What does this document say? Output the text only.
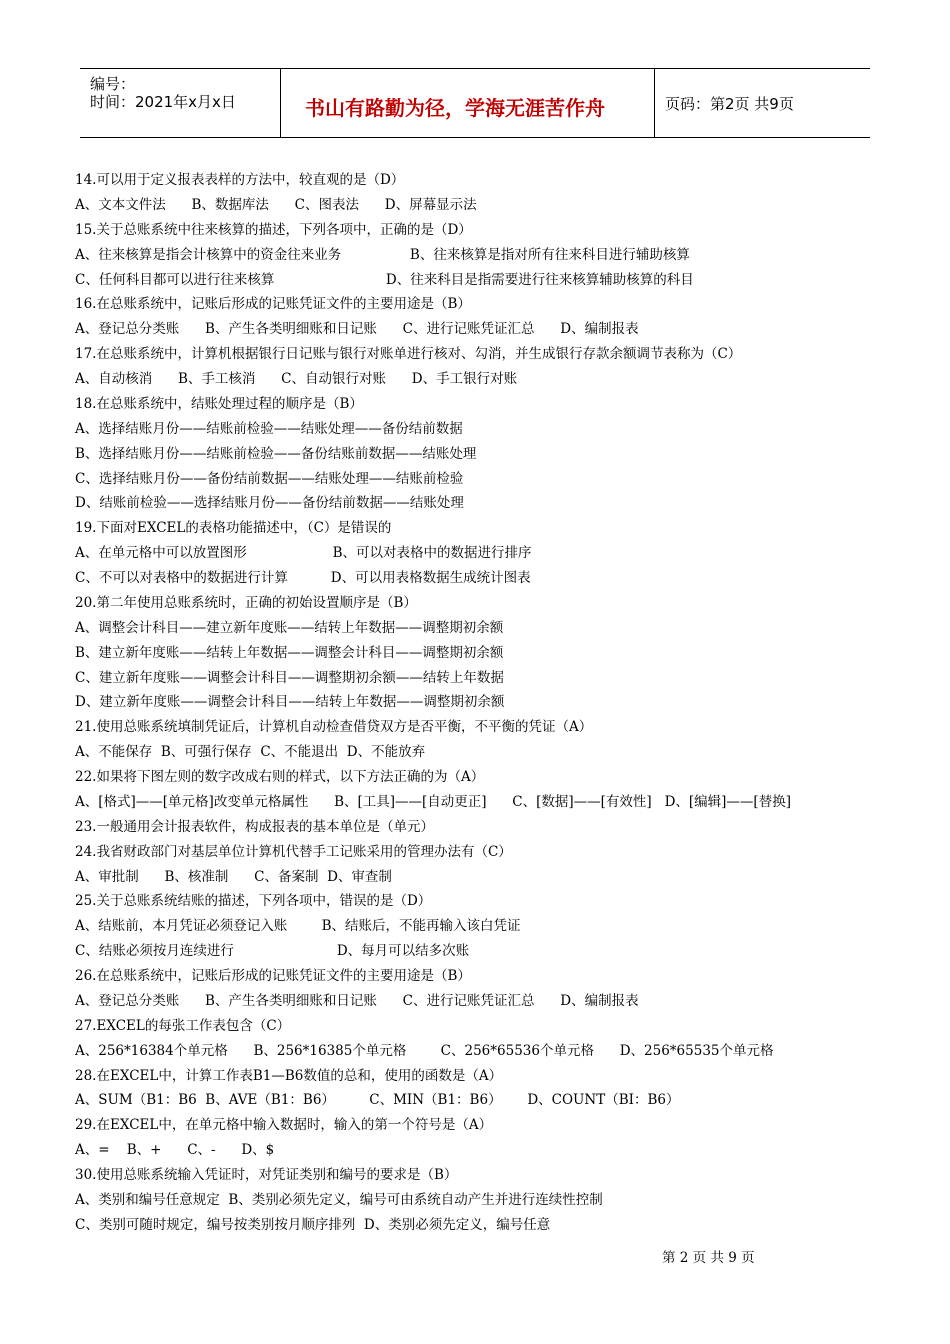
编号：
时间：2021年x月x日	书山有路勤为径，学海无涯苦作舟	页码：第2页 共9页
14.可以用于定义报表表样的方法中，较直观的是（D）
A、文本文件法      B、数据库法      C、图表法      D、屏幕显示法
15.关于总账系统中往来核算的描述，下列各项中，正确的是（D）
A、往来核算是指会计核算中的资金往来业务                B、往来核算是指对所有往来科目进行辅助核算
C、任何科目都可以进行往来核算                          D、往来科目是指需要进行往来核算辅助核算的科目
16.在总账系统中，记账后形成的记账凭证文件的主要用途是（B）
A、登记总分类账      B、产生各类明细账和日记账      C、进行记账凭证汇总      D、编制报表
17.在总账系统中，计算机根据银行日记账与银行对账单进行核对、勾消，并生成银行存款余额调节表称为（C）
A、自动核消      B、手工核消      C、自动银行对账      D、手工银行对账
18.在总账系统中，结账处理过程的顺序是（B）
A、选择结账月份——结账前检验——结账处理——备份结前数据
B、选择结账月份——结账前检验——备份结账前数据——结账处理
C、选择结账月份——备份结前数据——结账处理——结账前检验
D、结账前检验——选择结账月份——备份结前数据——结账处理
19.下面对EXCEL的表格功能描述中，（C）是错误的
A、在单元格中可以放置图形                    B、可以对表格中的数据进行排序
C、不可以对表格中的数据进行计算          D、可以用表格数据生成统计图表
20.第二年使用总账系统时，正确的初始设置顺序是（B）
A、调整会计科目——建立新年度账——结转上年数据——调整期初余额
B、建立新年度账——结转上年数据——调整会计科目——调整期初余额
C、建立新年度账——调整会计科目——调整期初余额——结转上年数据
D、建立新年度账——调整会计科目——结转上年数据——调整期初余额
21.使用总账系统填制凭证后，计算机自动检查借贷双方是否平衡，不平衡的凭证（A）
A、不能保存  B、可强行保存  C、不能退出  D、不能放弃
22.如果将下图左则的数字改成右则的样式，以下方法正确的为（A）
A、[格式]——[单元格]改变单元格属性      B、[工具]——[自动更正]      C、[数据]——[有效性]   D、[编辑]——[替换]
23.一般通用会计报表软件，构成报表的基本单位是（单元）
24.我省财政部门对基层单位计算机代替手工记账采用的管理办法有（C）
A、审批制      B、核准制      C、备案制  D、审查制
25.关于总账系统结账的描述，下列各项中，错误的是（D）
A、结账前，本月凭证必须登记入账        B、结账后，不能再输入该白凭证
C、结账必须按月连续进行                        D、每月可以结多次账
26.在总账系统中，记账后形成的记账凭证文件的主要用途是（B）
A、登记总分类账      B、产生各类明细账和日记账      C、进行记账凭证汇总      D、编制报表
27.EXCEL的每张工作表包含（C）
A、256*16384个单元格      B、256*16385个单元格        C、256*65536个单元格      D、256*65535个单元格
28.在EXCEL中，计算工作表B1—B6数值的总和，使用的函数是（A）
A、SUM（B1：B6  B、AVE（B1：B6）        C、MIN（B1：B6）      D、COUNT（BI：B6）
29.在EXCEL中，在单元格中输入数据时，输入的第一个符号是（A）
A、=    B、+      C、-      D、$
30.使用总账系统输入凭证时，对凭证类别和编号的要求是（B）
A、类别和编号任意规定  B、类别必须先定义，编号可由系统自动产生并进行连续性控制
C、类别可随时规定，编号按类别按月顺序排列  D、类别必须先定义，编号任意
第 2 页 共 9 页
